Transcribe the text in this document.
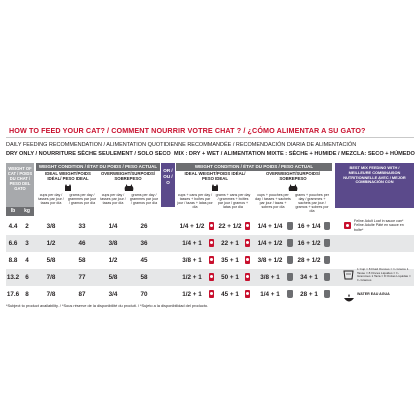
HOW TO FEED YOUR CAT? / COMMENT NOURRIR VOTRE CHAT ? / ¿CÓMO ALIMENTAR A SU GATO?
DAILY FEEDING RECOMMENDATION / ALIMENTATION QUOTIDIENNE RECOMMANDÉE / RECOMENDACIÓN DIARIA DE ALIMENTACIÓN
DRY ONLY / NOURRITURE SÈCHE SEULEMENT / SOLO SECO MIX : DRY + WET / ALIMENTATION MIXTE : SÈCHE + HUMIDE / MEZCLA: SECO + HÚMEDO
WEIGHT OF CAT / POIDS DU CHAT / PESO DEL GATO
lb	kg
WEIGHT CONDITION / ÉTAT DU POIDS / PESO ACTUAL
OR / OU / O
WEIGHT CONDITION / ÉTAT DU POIDS / PESO ACTUAL
IDEAL WEIGHT/POIDS IDÉAL/ PESO IDEAL
OVERWEIGHT/SURPOIDS/ SOBREPESO
IDEAL WEIGHT/POIDS IDÉAL/ PESO IDEAL
OVERWEIGHT/SURPOIDS/ SOBREPESO
cups per day / tasses par jour / tazas por día
grams per day / grammes par jour / gramos por día
cups per day / tasses par jour / tazas por día
grams per day / grammes par jour / gramos por día
cups + cans per day / tasses + boîtes par jour / tazas + latas por día
grams + cans per day / grammes + boîtes par jour / gramos + latas por día
cups + pouches per day / tasses + sachets par jour / tazas + sobres por día
grams + pouches per day / grammes + sachets par jour / gramos + sobres por día
BEST MIX FEEDING WITH / MEILLEURE COMBINAISON NUTRITIONNELLE AVEC / MEJOR COMBINACIÓN CON
4.4	2	3/8	33	1/4	26	1/4 + 1/2	22 + 1/2	1/4 + 1/4	16 + 1/4
6.6	3	1/2	46	3/8	36	1/4 + 1	22 + 1	1/4 + 1/2	16 + 1/2
8.8	4	5/8	58	1/2	45	3/8 + 1	35 + 1	3/8 + 1/2	28 + 1/2
13.2 6	7/8	77	5/8	58	1/2 + 1	50 + 1	3/8 + 1	34 + 1
17.6 8	7/8	87	3/4	70	1/2 + 1	45 + 1	1/4 + 1	28 + 1
Feline Adult Loaf in sauce can* Feline Adulte Pâté en sauce en boîte*
1 Cup = 8 Fluid Ounces = ¾ Grams 1 Tasse = 8 Onces Liquides = ¾ Grammes 1 Taza = 8 Onzas Líquidas = ¾ Gramos
WATER EAU AGUA
*Subject to product availability. / *Sous réserve de la disponibilité du produit. / *Sujeto a la disponibilidad del producto.
